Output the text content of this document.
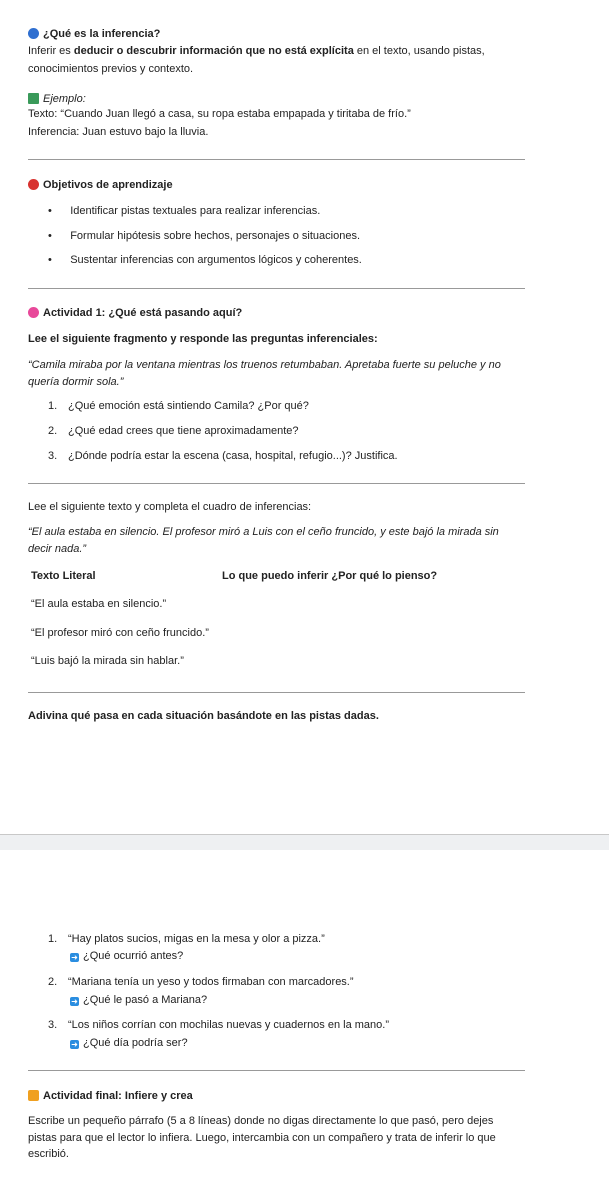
¿Qué es la inferencia?
Inferir es deducir o descubrir información que no está explícita en el texto, usando pistas,
conocimientos previos y contexto.
Ejemplo:
Texto: “Cuando Juan llegó a casa, su ropa estaba empapada y tiritaba de frío.”
Inferencia: Juan estuvo bajo la lluvia.
Objetivos de aprendizaje
•      Identificar pistas textuales para realizar inferencias.
•      Formular hipótesis sobre hechos, personajes o situaciones.
•      Sustentar inferencias con argumentos lógicos y coherentes.
Actividad 1: ¿Qué está pasando aquí?
Lee el siguiente fragmento y responde las preguntas inferenciales:
“Camila miraba por la ventana mientras los truenos retumbaban. Apretaba fuerte su peluche y no
quería dormir sola.”
1. ¿Qué emoción está sintiendo Camila? ¿Por qué?
2. ¿Qué edad crees que tiene aproximadamente?
3. ¿Dónde podría estar la escena (casa, hospital, refugio...)? Justifica.
Lee el siguiente texto y completa el cuadro de inferencias:
“El aula estaba en silencio. El profesor miró a Luis con el ceño fruncido, y este bajó la mirada sin
decir nada.”
Texto Literal	Lo que puedo inferir ¿Por qué lo pienso?
“El aula estaba en silencio.”
“El profesor miró con ceño fruncido.”
“Luis bajó la mirada sin hablar.”
Adivina qué pasa en cada situación basándote en las pistas dadas.
1. “Hay platos sucios, migas en la mesa y olor a pizza.”
➜ ¿Qué ocurrió antes?
2. “Mariana tenía un yeso y todos firmaban con marcadores.”
➜ ¿Qué le pasó a Mariana?
3. “Los niños corrían con mochilas nuevas y cuadernos en la mano.”
➜ ¿Qué día podría ser?
Actividad final: Infiere y crea
Escribe un pequeño párrafo (5 a 8 líneas) donde no digas directamente lo que pasó, pero dejes
pistas para que el lector lo infiera. Luego, intercambia con un compañero y trata de inferir lo que
escribió.
